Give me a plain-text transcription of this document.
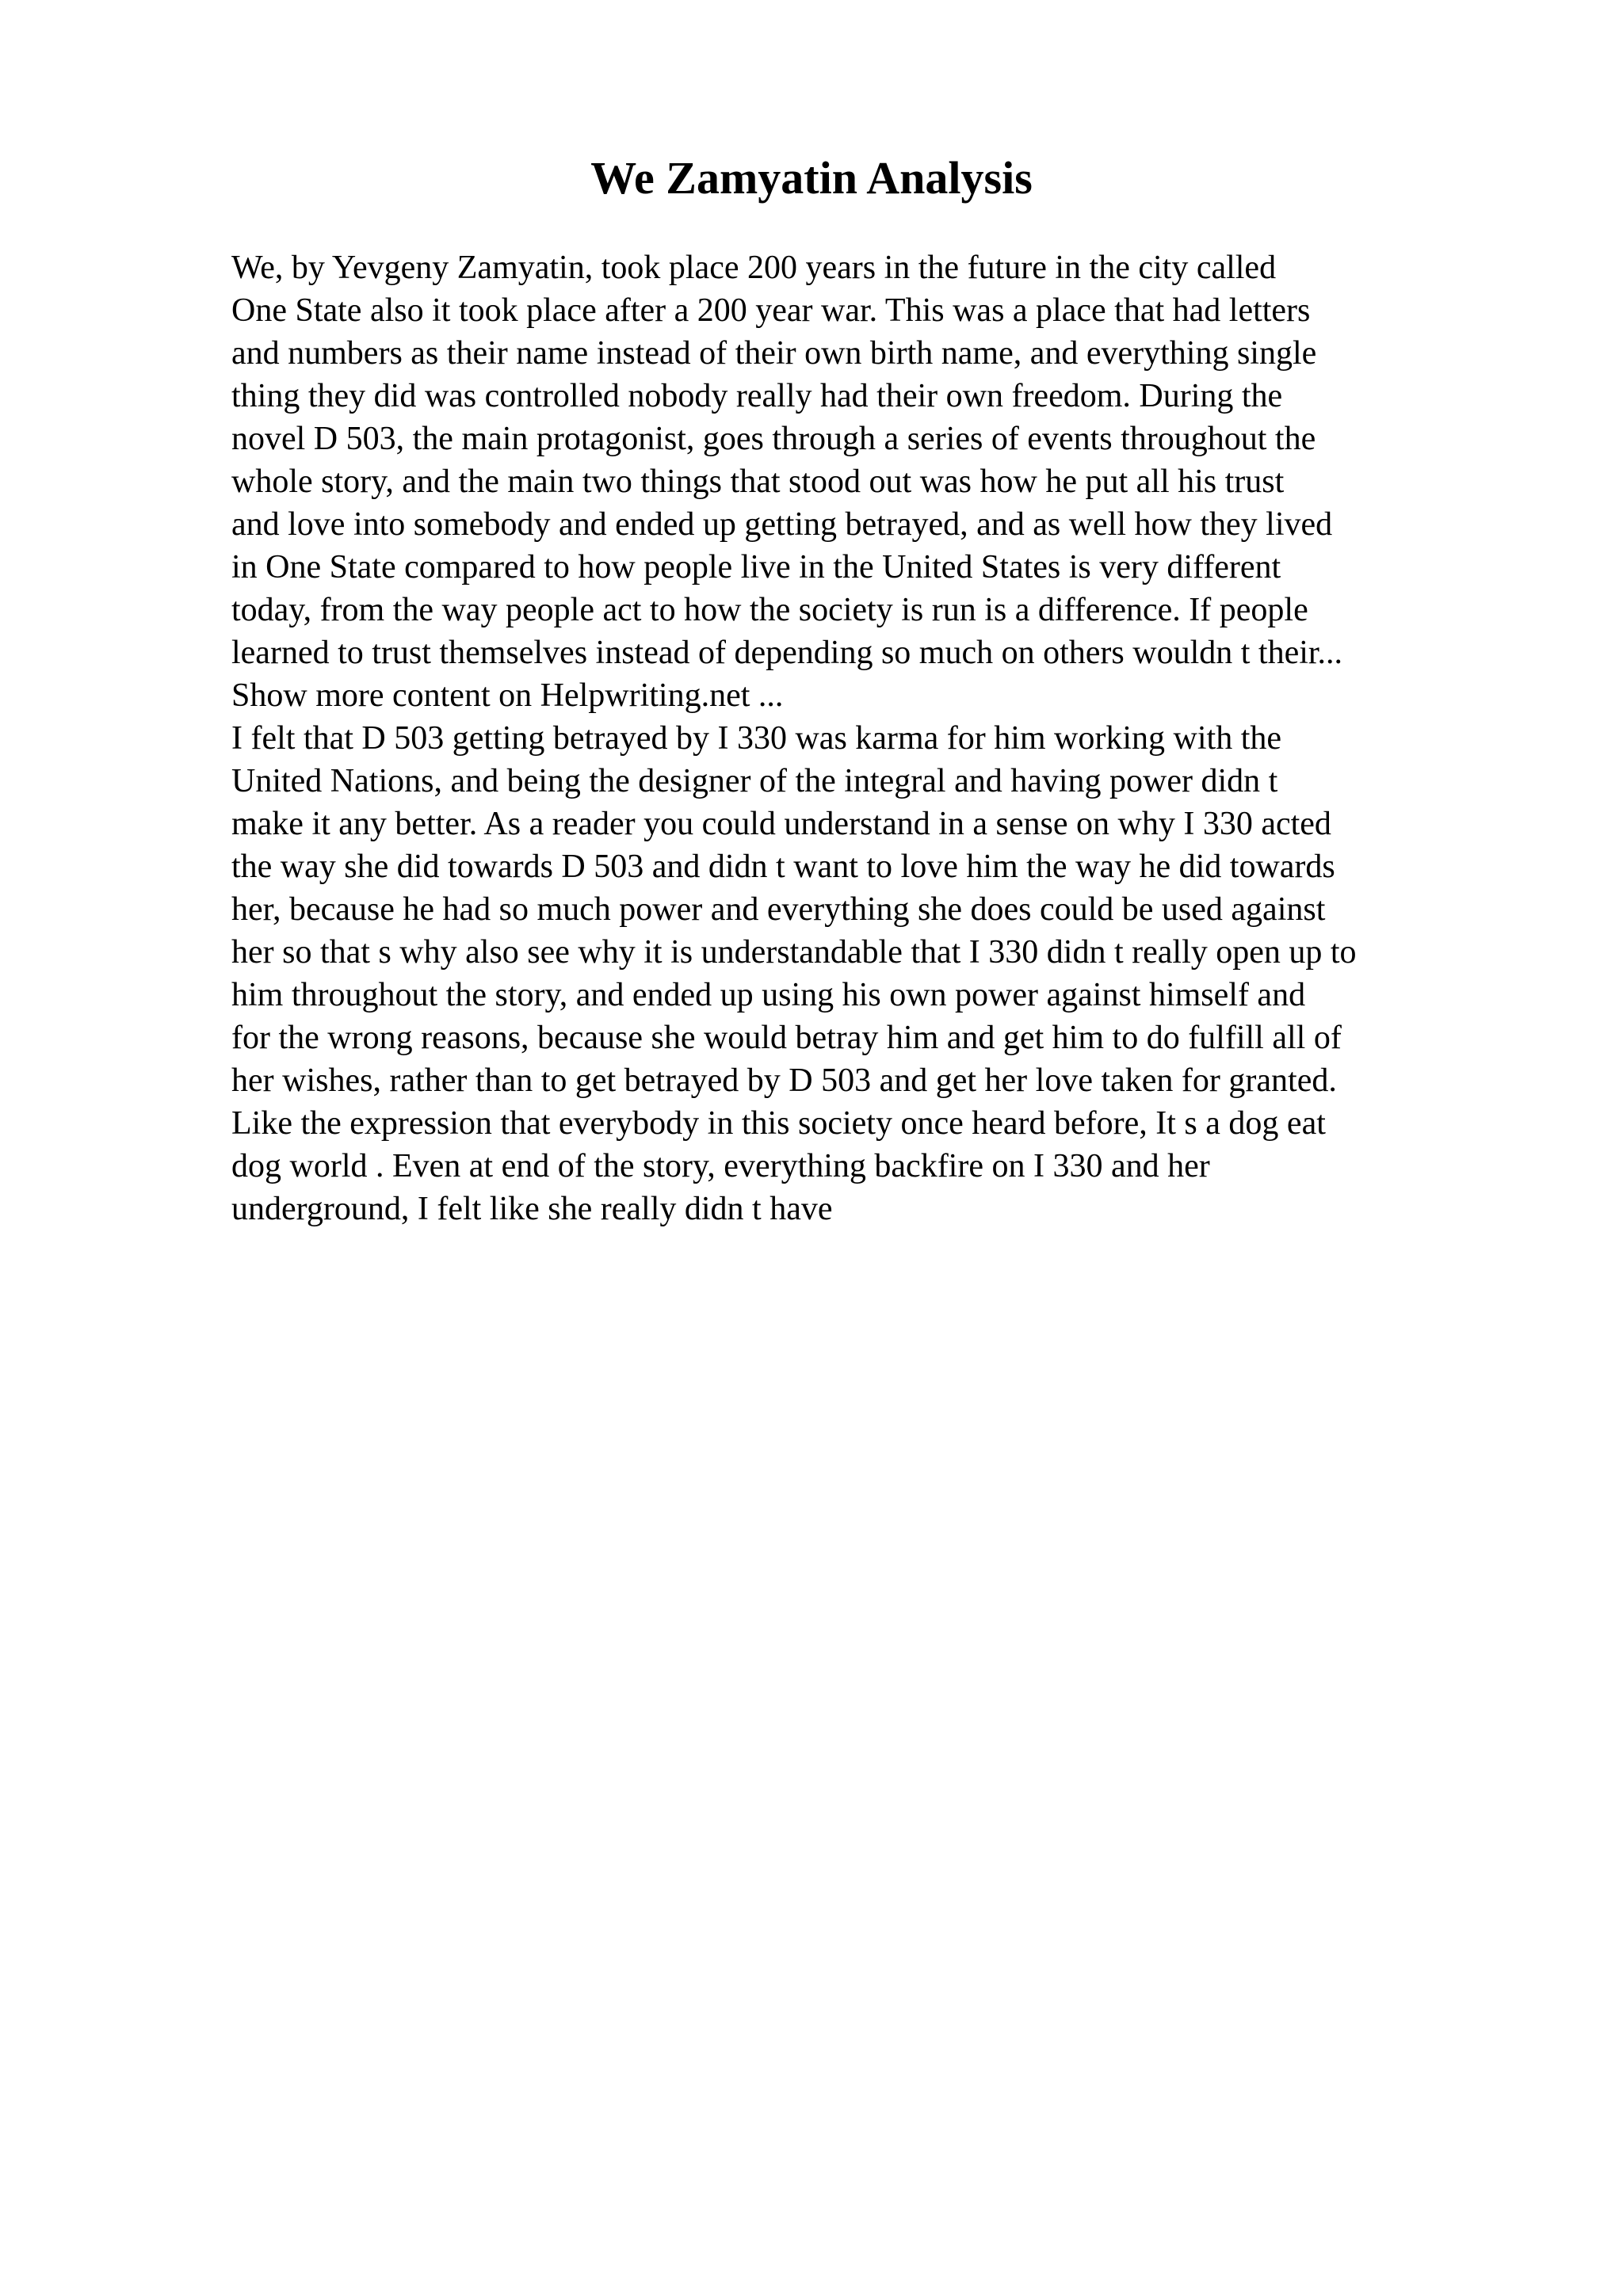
We Zamyatin Analysis
We, by Yevgeny Zamyatin, took place 200 years in the future in the city called
One State also it took place after a 200 year war. This was a place that had letters
and numbers as their name instead of their own birth name, and everything single
thing they did was controlled nobody really had their own freedom. During the
novel D 503, the main protagonist, goes through a series of events throughout the
whole story, and the main two things that stood out was how he put all his trust
and love into somebody and ended up getting betrayed, and as well how they lived
in One State compared to how people live in the United States is very different
today, from the way people act to how the society is run is a difference. If people
learned to trust themselves instead of depending so much on others wouldn t their...
Show more content on Helpwriting.net ...
I felt that D 503 getting betrayed by I 330 was karma for him working with the
United Nations, and being the designer of the integral and having power didn t
make it any better. As a reader you could understand in a sense on why I 330 acted
the way she did towards D 503 and didn t want to love him the way he did towards
her, because he had so much power and everything she does could be used against
her so that s why also see why it is understandable that I 330 didn t really open up to
him throughout the story, and ended up using his own power against himself and
for the wrong reasons, because she would betray him and get him to do fulfill all of
her wishes, rather than to get betrayed by D 503 and get her love taken for granted.
Like the expression that everybody in this society once heard before, It s a dog eat
dog world . Even at end of the story, everything backfire on I 330 and her
underground, I felt like she really didn t have
